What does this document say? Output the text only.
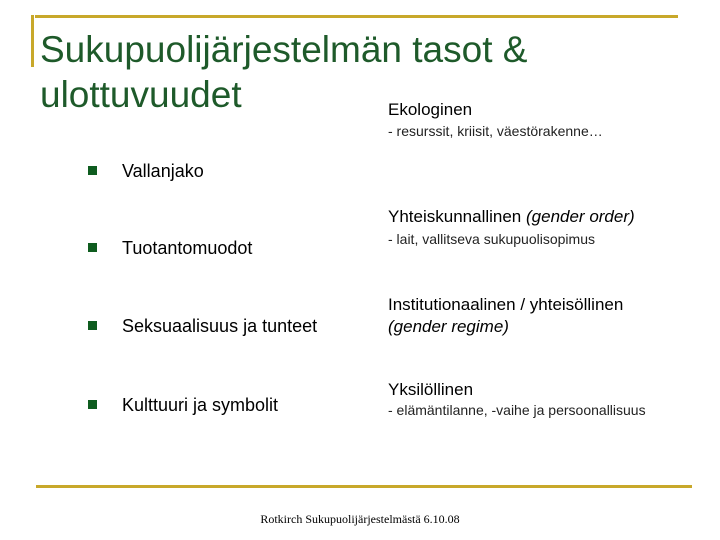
Sukupuolijärjestelmän tasot &
ulottuvuudet	Ekologinen
- resurssit, kriisit, väestörakenne…
Yhteiskunnallinen (gender order)
- lait, vallitseva sukupuolisopimus
Institutionaalinen / yhteisöllinen
(gender regime)
Yksilöllinen
- elämäntilanne, -vaihe ja persoonallisuus
Vallanjako
Tuotantomuodot
Seksuaalisuus ja tunteet
Kulttuuri ja symbolit
Rotkirch Sukupuolijärjestelmästä 6.10.08
